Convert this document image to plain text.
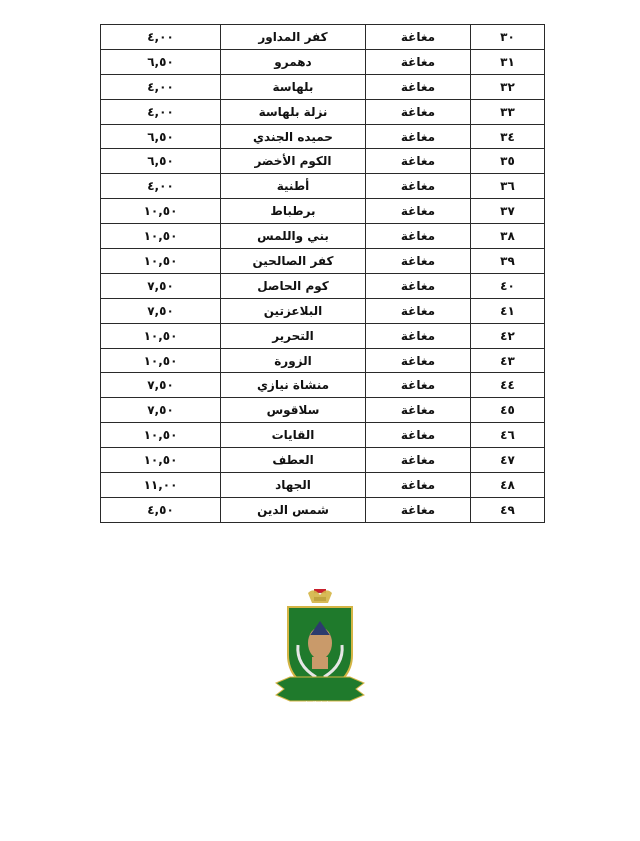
٣٠	مغاغة	كفر المداور	٤,٠٠
٣١	مغاغة	دهمرو	٦,٥٠
٣٢	مغاغة	بلهاسة	٤,٠٠
٣٣	مغاغة	نزلة بلهاسة	٤,٠٠
٣٤	مغاغة	حميده الجندي	٦,٥٠
٣٥	مغاغة	الكوم الأخضر	٦,٥٠
٣٦	مغاغة	أطنية	٤,٠٠
٣٧	مغاغة	برطباط	١٠,٥٠
٣٨	مغاغة	بني واللمس	١٠,٥٠
٣٩	مغاغة	كفر الصالحين	١٠,٥٠
٤٠	مغاغة	كوم الحاصل	٧,٥٠
٤١	مغاغة	البلاعزتين	٧,٥٠
٤٢	مغاغة	التحرير	١٠,٥٠
٤٣	مغاغة	الزورة	١٠,٥٠
٤٤	مغاغة	منشاة نيازي	٧,٥٠
٤٥	مغاغة	سلاقوس	٧,٥٠
٤٦	مغاغة	القايات	١٠,٥٠
٤٧	مغاغة	العطف	١٠,٥٠
٤٨	مغاغة	الجهاد	١١,٠٠
٤٩	مغاغة	شمس الدين	٤,٥٠
محافظة المنيا
